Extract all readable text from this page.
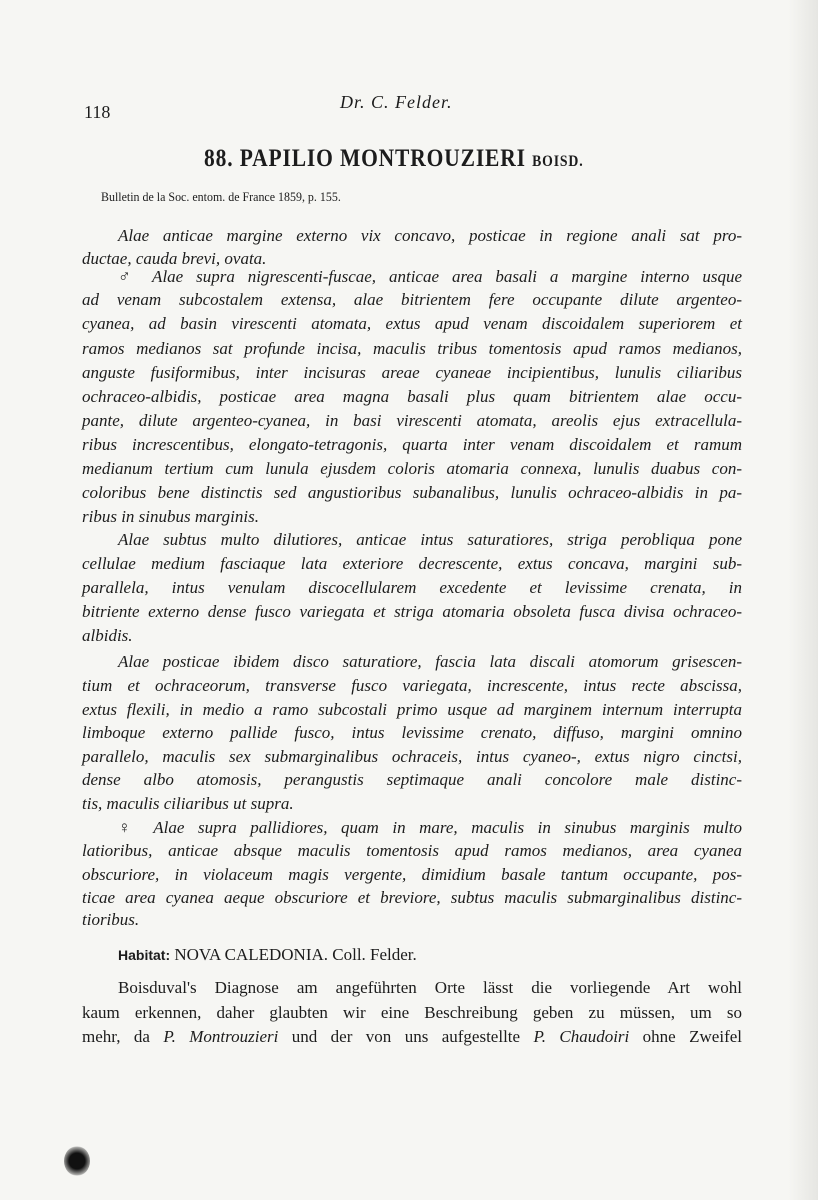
118	Dr. C. Felder.
88. PAPILIO MONTROUZIERI BOISD.
Bulletin de la Soc. entom. de France 1859, p. 155.
Alae anticae margine externo vix concavo, posticae in regione anali sat pro-
ductae, cauda brevi, ovata.
♂ Alae supra nigrescenti-fuscae, anticae area basali a margine interno usque
ad venam subcostalem extensa, alae bitrientem fere occupante dilute argenteo-
cyanea, ad basin virescenti atomata, extus apud venam discoidalem superiorem et
ramos medianos sat profunde incisa, maculis tribus tomentosis apud ramos medianos,
anguste fusiformibus, inter incisuras areae cyaneae incipientibus, lunulis ciliaribus
ochraceo-albidis, posticae area magna basali plus quam bitrientem alae occu-
pante, dilute argenteo-cyanea, in basi virescenti atomata, areolis ejus extracellula-
ribus increscentibus, elongato-tetragonis, quarta inter venam discoidalem et ramum
medianum tertium cum lunula ejusdem coloris atomaria connexa, lunulis duabus con-
coloribus bene distinctis sed angustioribus subanalibus, lunulis ochraceo-albidis in pa-
ribus in sinubus marginis.
Alae subtus multo dilutiores, anticae intus saturatiores, striga perobliqua pone
cellulae medium fasciaque lata exteriore decrescente, extus concava, margini sub-
parallela, intus venulam discocellularem excedente et levissime crenata, in
bitriente externo dense fusco variegata et striga atomaria obsoleta fusca divisa ochraceo-
albidis.
Alae posticae ibidem disco saturatiore, fascia lata discali atomorum grisescen-
tium et ochraceorum, transverse fusco variegata, increscente, intus recte abscissa,
extus flexili, in medio a ramo subcostali primo usque ad marginem internum interrupta
limboque externo pallide fusco, intus levissime crenato, diffuso, margini omnino
parallelo, maculis sex submarginalibus ochraceis, intus cyaneo-, extus nigro cinctsi,
dense albo atomosis, perangustis septimaque anali concolore male distinc-
tis, maculis ciliaribus ut supra.
♀ Alae supra pallidiores, quam in mare, maculis in sinubus marginis multo
latioribus, anticae absque maculis tomentosis apud ramos medianos, area cyanea
obscuriore, in violaceum magis vergente, dimidium basale tantum occupante, pos-
ticae area cyanea aeque obscuriore et breviore, subtus maculis submarginalibus distinc-
tioribus.
Habitat: NOVA CALEDONIA. Coll. Felder.
Boisduval's Diagnose am angeführten Orte lässt die vorliegende Art wohl
kaum erkennen, daher glaubten wir eine Beschreibung geben zu müssen, um so
mehr, da P. Montrouzieri und der von uns aufgestellte P. Chaudoiri ohne Zweifel
